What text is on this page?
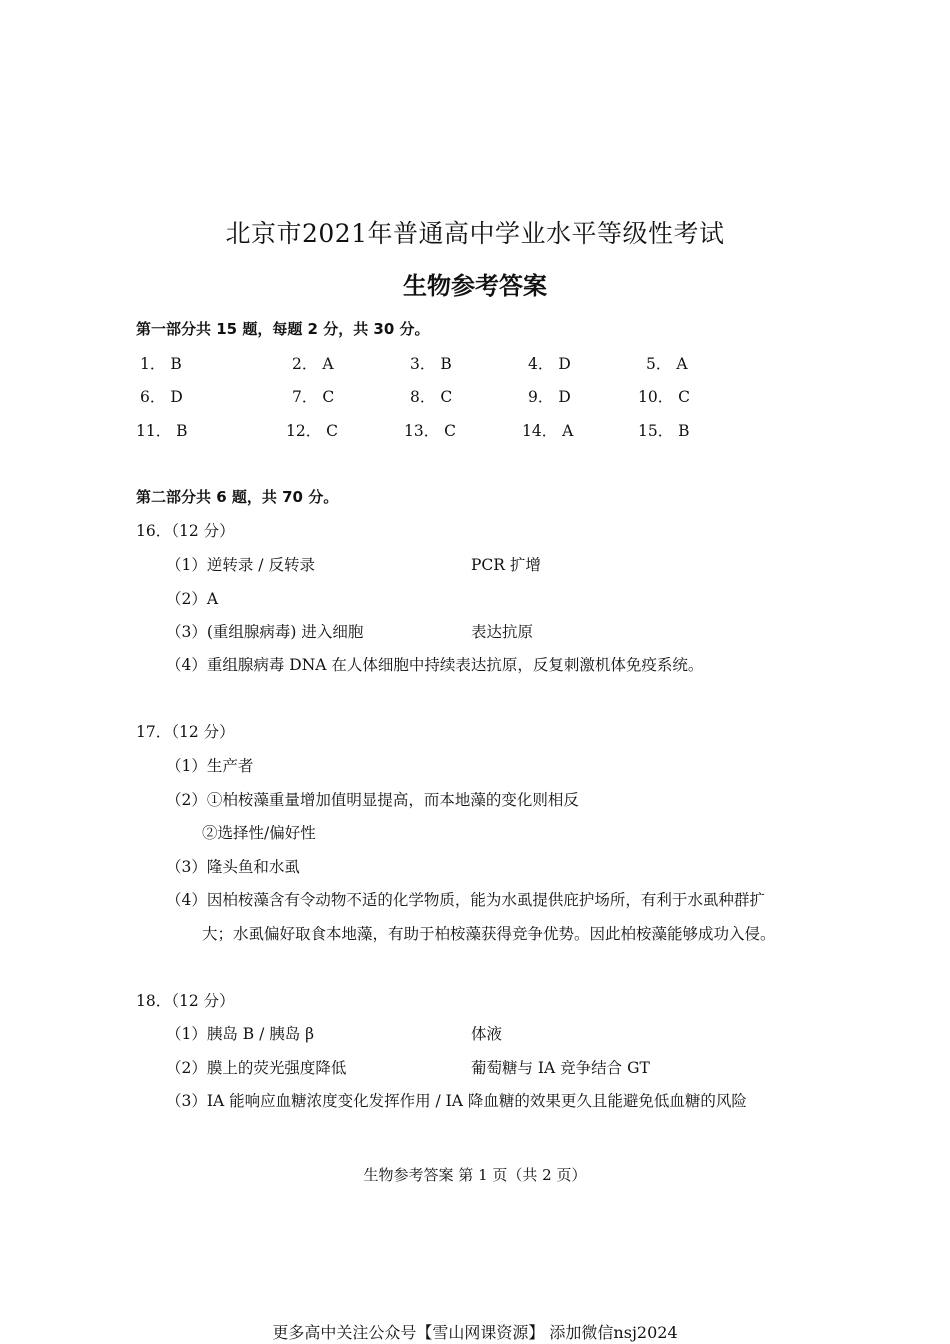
北京市2021年普通高中学业水平等级性考试
生物参考答案
第一部分共 15 题，每题 2 分，共 30 分。
1． B	2． A	3． B	4． D	5． A
6． D	7． C	8． C	9． D	10． C
11． B	12． C	13． C	14． A	15． B
第二部分共 6 题，共 70 分。
16．（12 分）
（1）逆转录 / 反转录	PCR 扩增
（2）A
（3）(重组腺病毒) 进入细胞	表达抗原
（4）重组腺病毒 DNA 在人体细胞中持续表达抗原，反复刺激机体免疫系统。
17．（12 分）
（1）生产者
（2）①柏桉藻重量增加值明显提高，而本地藻的变化则相反
②选择性/偏好性
（3）隆头鱼和水虱
（4）因柏桉藻含有令动物不适的化学物质，能为水虱提供庇护场所，有利于水虱种群扩
大；水虱偏好取食本地藻，有助于柏桉藻获得竞争优势。因此柏桉藻能够成功入侵。
18．（12 分）
（1）胰岛 B / 胰岛 β	体液
（2）膜上的荧光强度降低	葡萄糖与 IA 竞争结合 GT
（3）IA 能响应血糖浓度变化发挥作用 / IA 降血糖的效果更久且能避免低血糖的风险
生物参考答案 第 1 页（共 2 页）
更多高中关注公众号【雪山网课资源】 添加微信nsj2024
